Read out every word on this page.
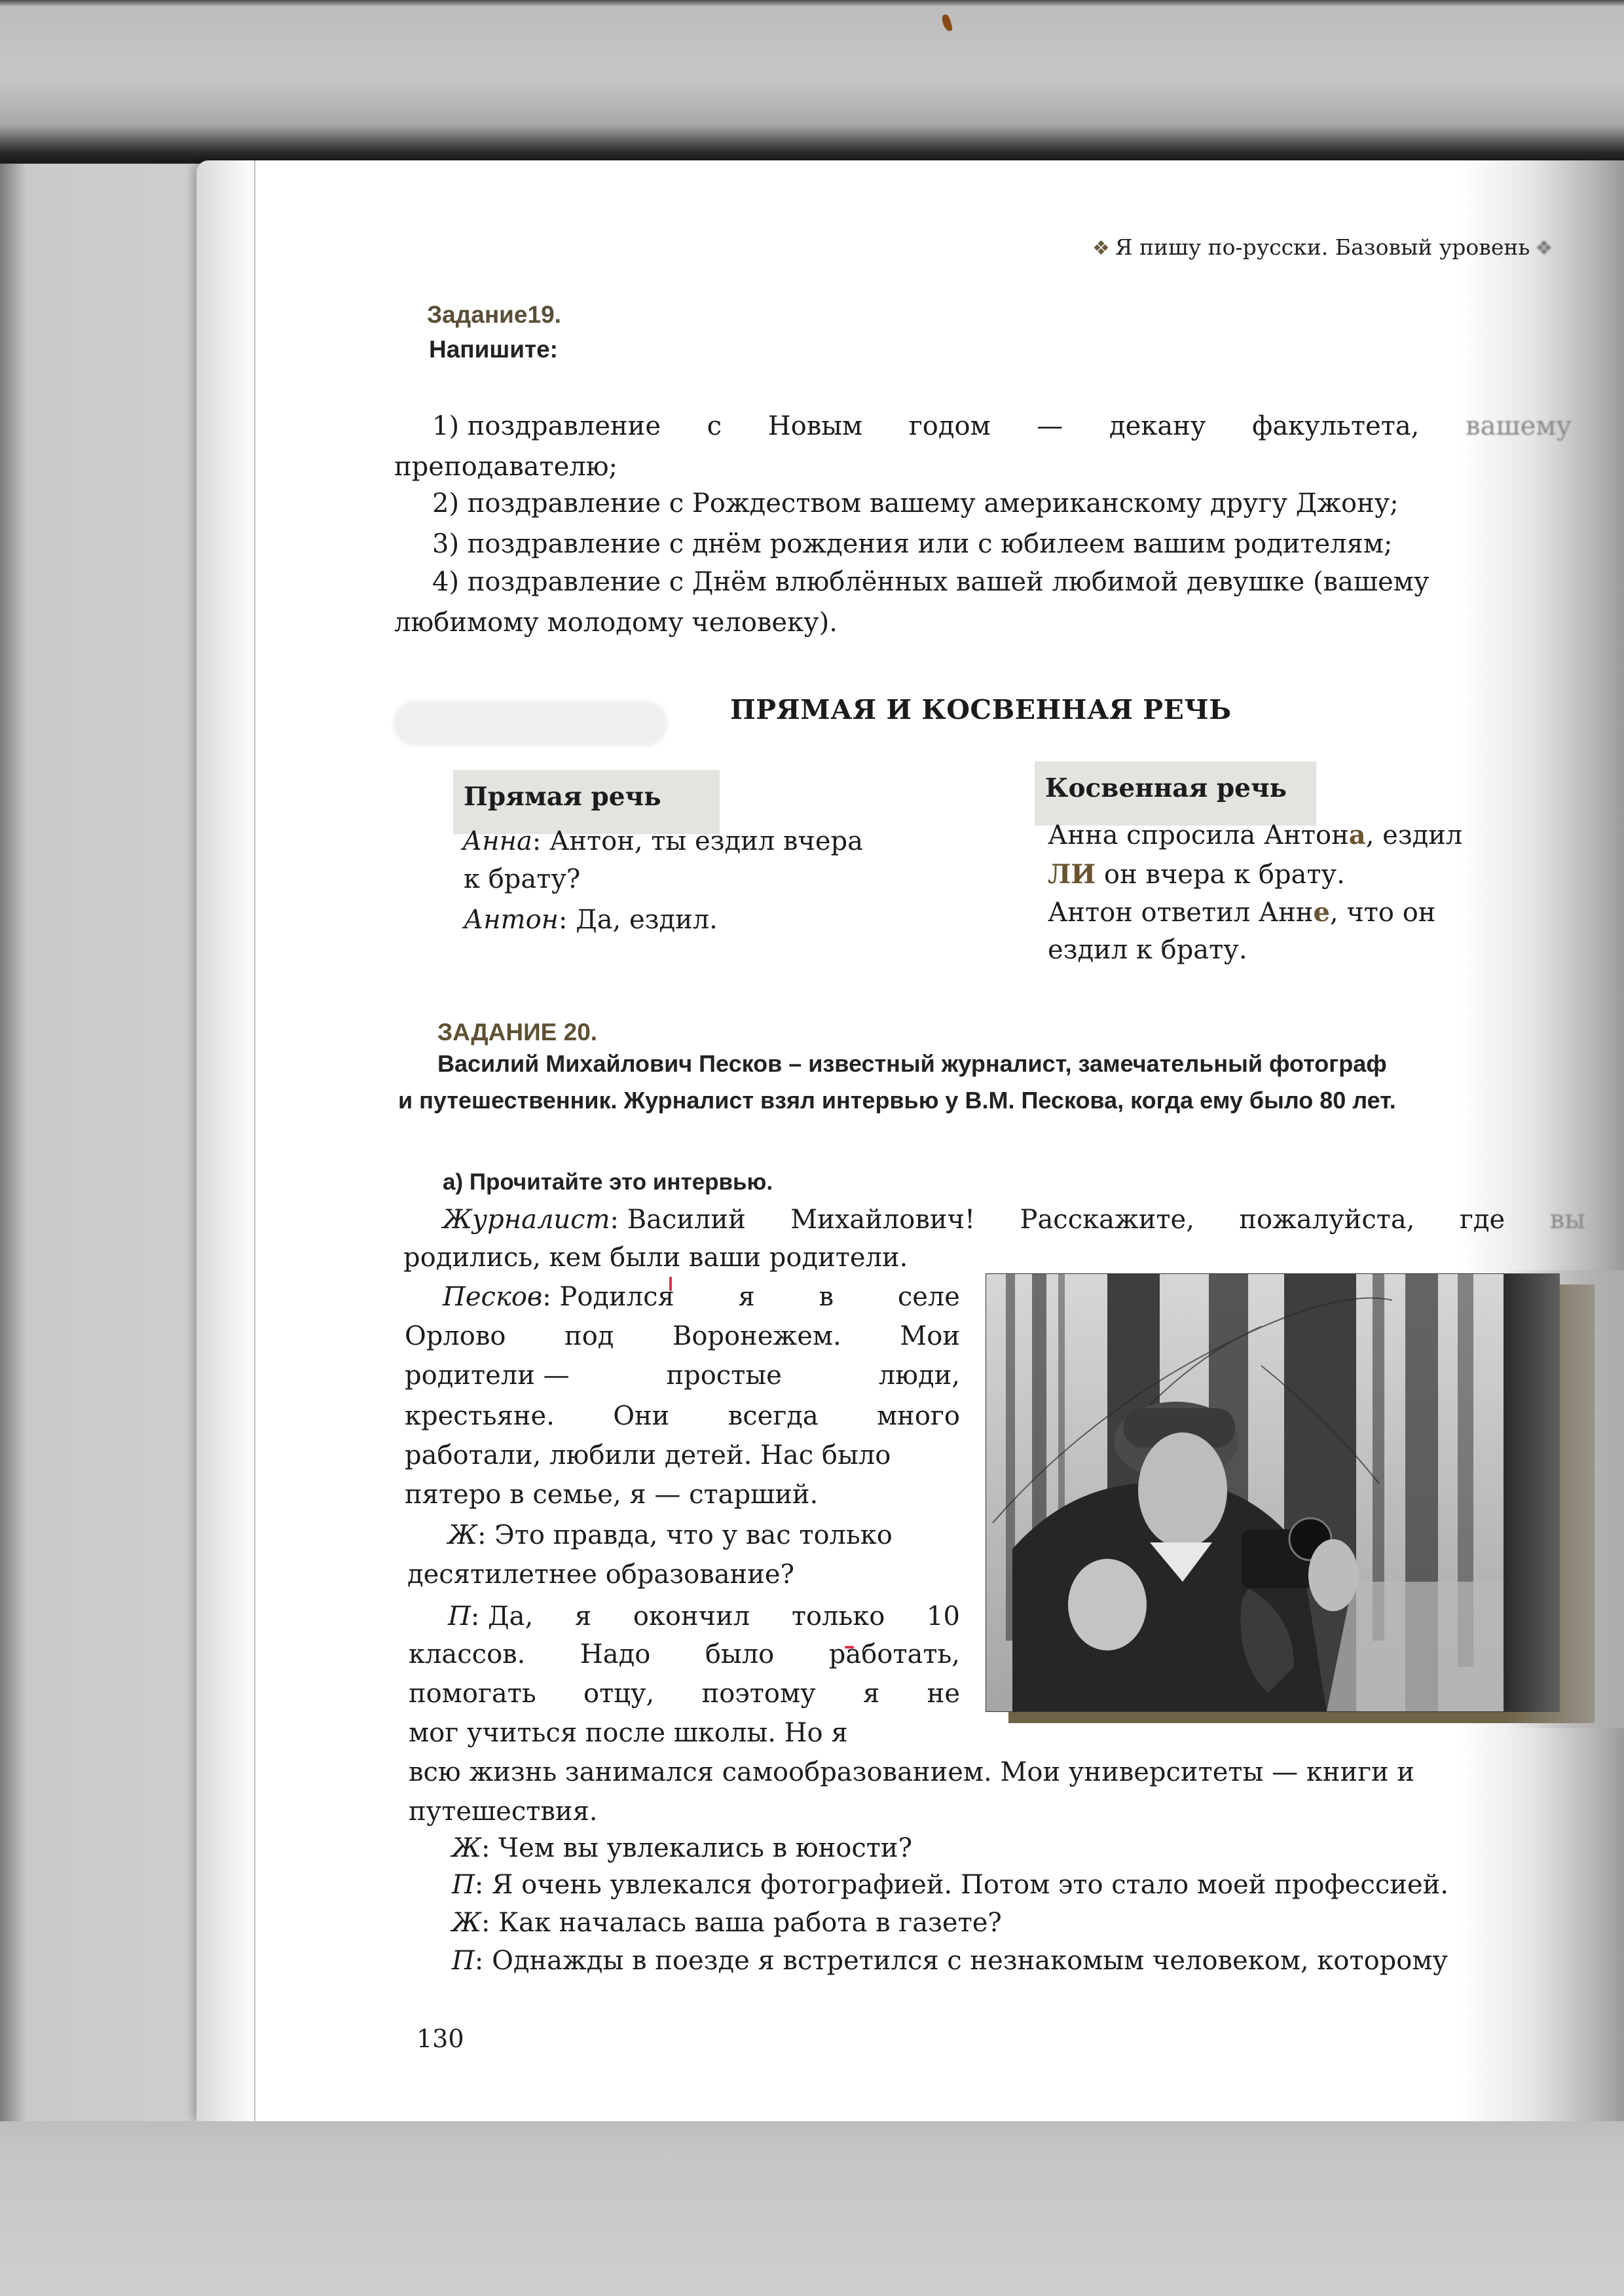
❖ Я пишу по-русски. Базовый уровень ❖
Задание19.
Напишите:
1) поздравление с Новым годом — декану факультета, вашему
преподавателю;
2) поздравление с Рождеством вашему американскому другу Джону;
3) поздравление с днём рождения или с юбилеем вашим родителям;
4) поздравление с Днём влюблённых вашей любимой девушке (вашему
любимому молодому человеку).
ПРЯМАЯ И КОСВЕННАЯ РЕЧЬ
Прямая речь	Косвенная речь
Анна: Антон, ты ездил вчера
к брату?
Антон: Да, ездил.
Анна спросила Антона, ездил
ЛИ он вчера к брату.
Антон ответил Анне, что он
ездил к брату.
ЗАДАНИЕ 20.
Василий Михайлович Песков – известный журналист, замечательный фотограф
и путешественник. Журналист взял интервью у В.М. Пескова, когда ему было 80 лет.
а) Прочитайте это интервью.
Журналист: Василий Михайлович! Расскажите, пожалуйста, где вы
родились, кем были ваши родители.
Песков: Родился я в селе
Орлово под Воронежем. Мои
родители —	простые	люди,
крестьяне. Они всегда много
работали, любили детей. Нас было
пятеро в семье, я — старший.
Ж: Это правда, что у вас только
десятилетнее образование?
П: Да, я окончил только 10
классов. Надо было работать,
помогать отцу, поэтому я не
мог учиться после школы. Но я
всю жизнь занимался самообразованием. Мои университеты — книги и
путешествия.
Ж: Чем вы увлекались в юности?
П: Я очень увлекался фотографией. Потом это стало моей профессией.
Ж: Как началась ваша работа в газете?
П: Однажды в поезде я встретился с незнакомым человеком, которому
130
